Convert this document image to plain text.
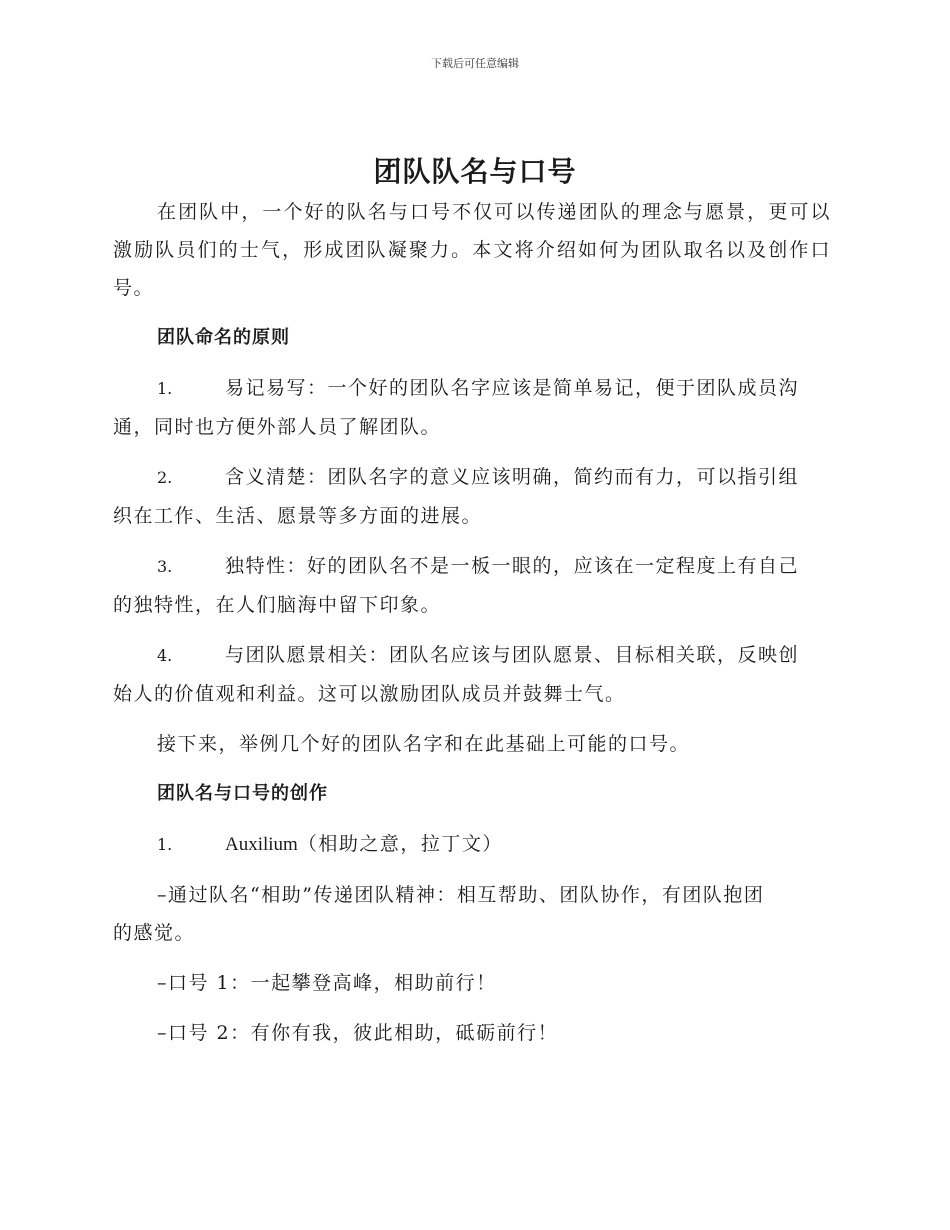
下载后可任意编辑
团队队名与口号

在团队中，一个好的队名与口号不仅可以传递团队的理念与愿景，更可以激励队员们的士气，形成团队凝聚力。本文将介绍如何为团队取名以及创作口号。

团队命名的原则

1.	易记易写：一个好的团队名字应该是简单易记，便于团队成员沟
通，同时也方便外部人员了解团队。
2.	含义清楚：团队名字的意义应该明确，简约而有力，可以指引组
织在工作、生活、愿景等多方面的进展。
3.	独特性：好的团队名不是一板一眼的，应该在一定程度上有自己
的独特性，在人们脑海中留下印象。
4.	与团队愿景相关：团队名应该与团队愿景、目标相关联，反映创
始人的价值观和利益。这可以激励团队成员并鼓舞士气。

接下来，举例几个好的团队名字和在此基础上可能的口号。

团队名与口号的创作

1.	Auxilium（相助之意，拉丁文）
–通过队名“相助”传递团队精神：相互帮助、团队协作，有团队抱团
的感觉。

–口号 1：一起攀登高峰，相助前行！

–口号 2：有你有我，彼此相助，砥砺前行！
